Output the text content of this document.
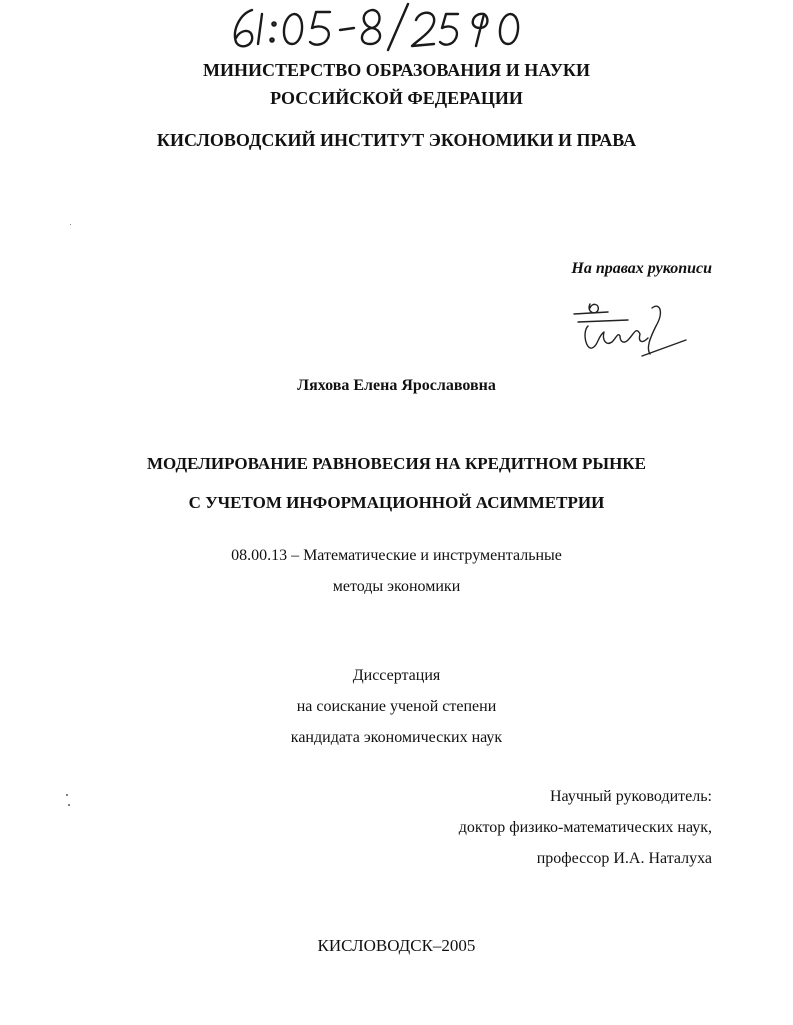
МИНИСТЕРСТВО ОБРАЗОВАНИЯ И НАУКИ
РОССИЙСКОЙ ФЕДЕРАЦИИ
КИСЛОВОДСКИЙ ИНСТИТУТ ЭКОНОМИКИ И ПРАВА
На правах рукописи
Ляхова Елена Ярославовна
МОДЕЛИРОВАНИЕ РАВНОВЕСИЯ НА КРЕДИТНОМ РЫНКЕ
С УЧЕТОМ ИНФОРМАЦИОННОЙ АСИММЕТРИИ
08.00.13 – Математические и инструментальные
методы экономики
Диссертация
на соискание ученой степени
кандидата экономических наук
Научный руководитель:
доктор физико-математических наук,
профессор И.А. Наталуха
КИСЛОВОДСК–2005
